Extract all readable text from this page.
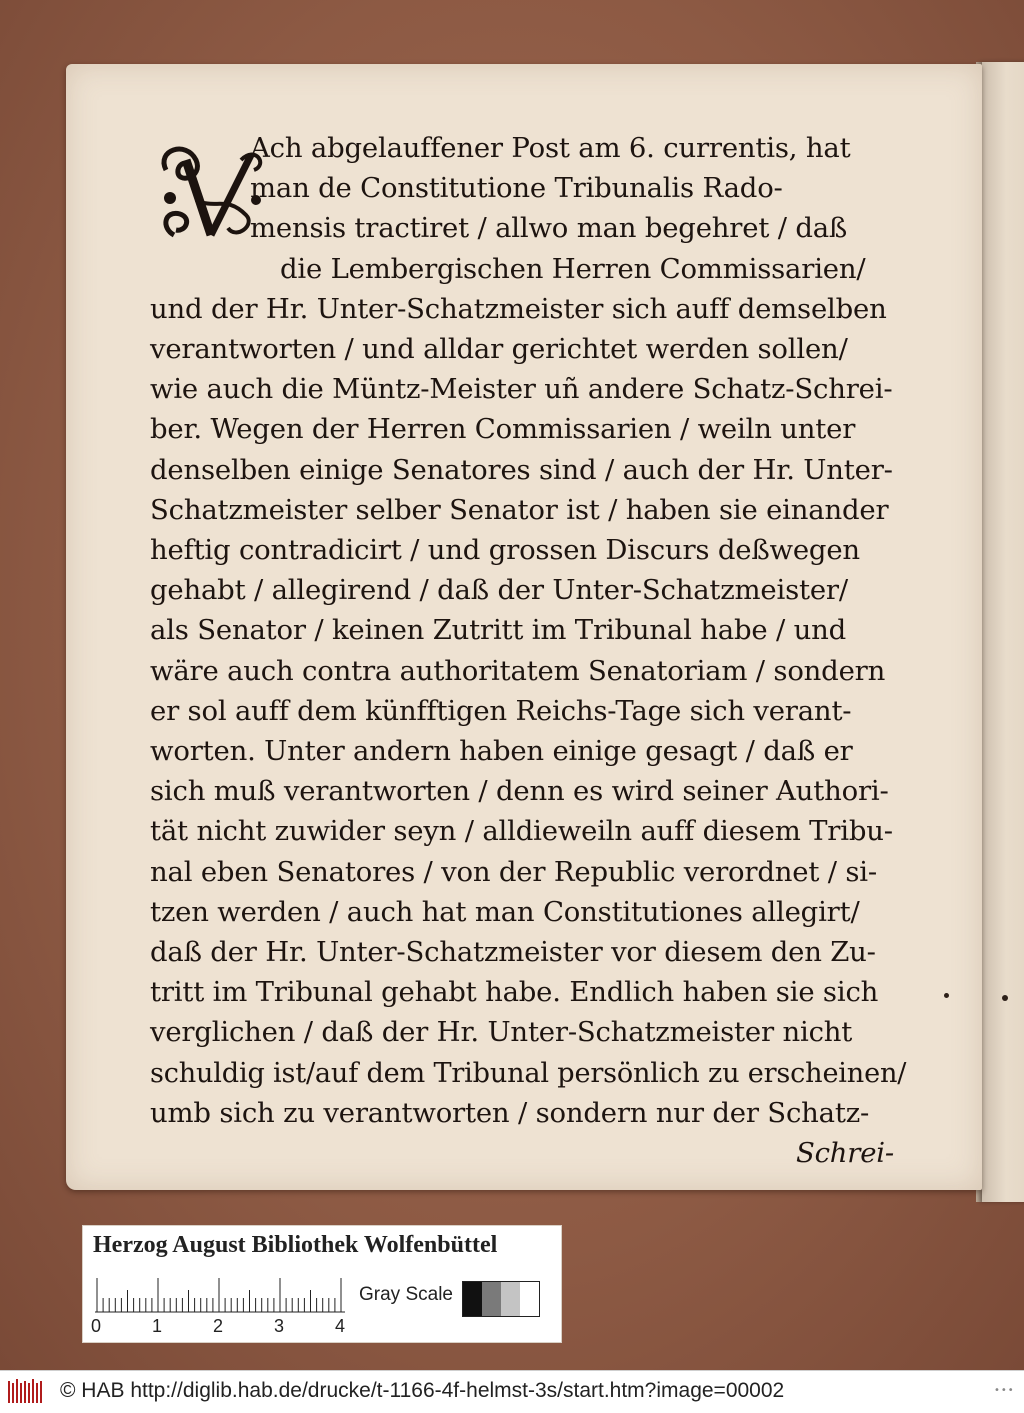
Ach abgelauffener Post am 6. currentis, hat
man de Constitutione Tribunalis Rado-
mensis tractiret / allwo man begehret / daß
die Lembergischen Herren Commissarien/
und der Hr. Unter-Schatzmeister sich auff demselben
verantworten / und alldar gerichtet werden sollen/
wie auch die Müntz-Meister uñ andere Schatz-Schrei-
ber. Wegen der Herren Commissarien / weiln unter
denselben einige Senatores sind / auch der Hr. Unter-
Schatzmeister selber Senator ist / haben sie einander
heftig contradicirt / und grossen Discurs deßwegen
gehabt / allegirend / daß der Unter-Schatzmeister/
als Senator / keinen Zutritt im Tribunal habe / und
wäre auch contra authoritatem Senatoriam / sondern
er sol auff dem künfftigen Reichs-Tage sich verant-
worten. Unter andern haben einige gesagt / daß er
sich muß verantworten / denn es wird seiner Authori-
tät nicht zuwider seyn / alldieweiln auff diesem Tribu-
nal eben Senatores / von der Republic verordnet / si-
tzen werden / auch hat man Constitutiones allegirt/
daß der Hr. Unter-Schatzmeister vor diesem den Zu-
tritt im Tribunal gehabt habe. Endlich haben sie sich
verglichen / daß der Hr. Unter-Schatzmeister nicht
schuldig ist/auf dem Tribunal persönlich zu erscheinen/
umb sich zu verantworten / sondern nur der Schatz-
Schrei-
Herzog August Bibliothek Wolfenbüttel
0	1	2	3	4
Gray Scale
© HAB http://diglib.hab.de/drucke/t-1166-4f-helmst-3s/start.htm?image=00002	•••
